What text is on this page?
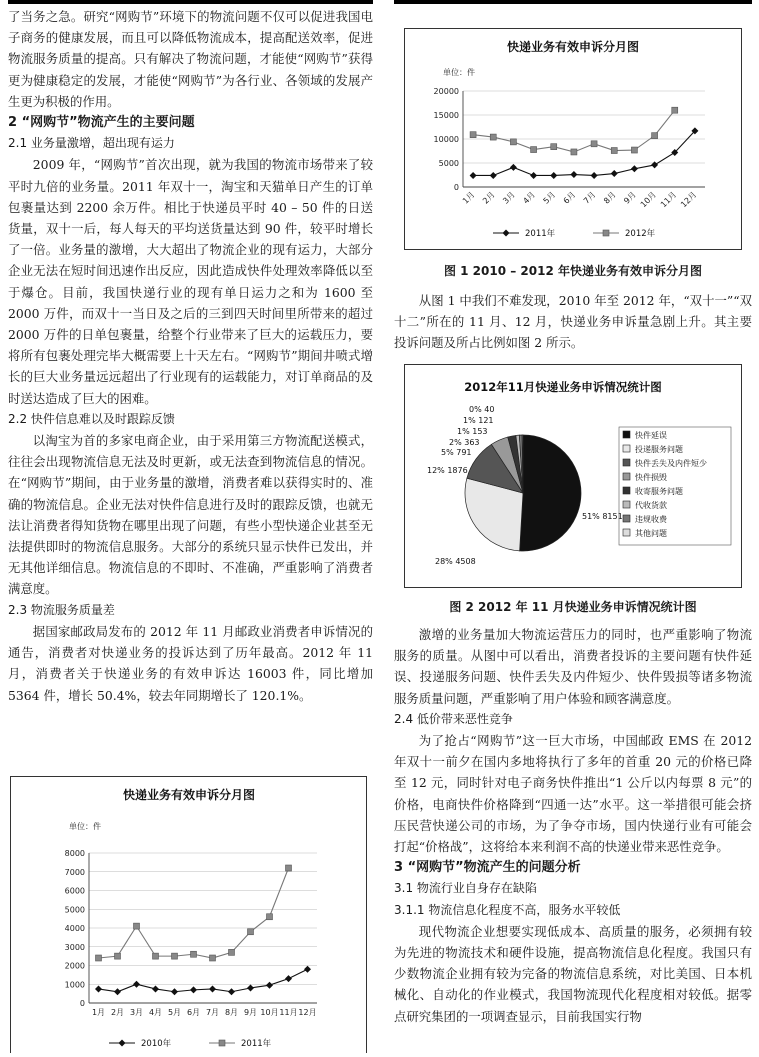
了当务之急。研究“网购节”环境下的物流问题不仅可以促进我国电子商务的健康发展，而且可以降低物流成本，提高配送效率，促进物流服务质量的提高。只有解决了物流问题，才能使“网购节”获得更为健康稳定的发展，才能使“网购节”为各行业、各领域的发展产生更为积极的作用。

2 “网购节”物流产生的主要问题
2.1 业务量激增，超出现有运力

2009 年，“网购节”首次出现，就为我国的物流市场带来了较平时九倍的业务量。2011 年双十一，淘宝和天猫单日产生的订单包裹量达到 2200 余万件。相比于快递员平时 40 – 50 件的日送货量，双十一后，每人每天的平均送货量达到 90 件，较平时增长了一倍。业务量的激增，大大超出了物流企业的现有运力，大部分企业无法在短时间迅速作出反应，因此造成快件处理效率降低以至于爆仓。目前，我国快递行业的现有单日运力之和为 1600 至 2000 万件，而双十一当日及之后的三到四天时间里所带来的超过 2000 万件的日单包裹量，给整个行业带来了巨大的运载压力，要将所有包裹处理完毕大概需要上十天左右。“网购节”期间井喷式增长的巨大业务量远远超出了行业现有的运载能力，对订单商品的及时送达造成了巨大的困难。

2.2 快件信息难以及时跟踪反馈

以淘宝为首的多家电商企业，由于采用第三方物流配送模式，往往会出现物流信息无法及时更新，或无法查到物流信息的情况。在“网购节”期间，由于业务量的激增，消费者难以获得实时的、准确的物流信息。企业无法对快件信息进行及时的跟踪反馈，也就无法让消费者得知货物在哪里出现了问题，有些小型快递企业甚至无法提供即时的物流信息服务。大部分的系统只显示快件已发出，并无其他详细信息。物流信息的不即时、不准确，严重影响了消费者满意度。

2.3 物流服务质量差

据国家邮政局发布的 2012 年 11 月邮政业消费者申诉情况的通告，消费者对快递业务的投诉达到了历年最高。2012 年 11 月，消费者关于快递业务的有效申诉达 16003 件，同比增加 5364 件，增长 50.4%，较去年同期增长了 120.1%。

快递业务有效申诉分月图
单位：件
0
1000
2000
3000
4000
5000
6000
7000
8000
1月 2月 3月 4月 5月 6月 7月 8月 9月 10月 11月 12月
2010年	2011年
快递业务有效申诉分月图
单位：件
0
5000
10000
15000
20000
1月 2月 3月 4月 5月 6月 7月 8月 9月 10月 11月 12月
2011年	2012年
图 1 2010 – 2012 年快递业务有效申诉分月图

从图 1 中我们不难发现，2010 年至 2012 年，“双十一”“双十二”所在的 11 月、12 月，快递业务申诉量急剧上升。其主要投诉问题及所占比例如图 2 所示。

2012年11月快递业务申诉情况统计图
51% 8151
28% 4508
12% 1876
5% 791
2% 363
1% 153
1% 121
0% 40
快件延误
投递服务问题
快件丢失及内件短少
快件损毁
收寄服务问题
代收货款
违规收费
其他问题
图 2 2012 年 11 月快递业务申诉情况统计图

激增的业务量加大物流运营压力的同时，也严重影响了物流服务的质量。从图中可以看出，消费者投诉的主要问题有快件延误、投递服务问题、快件丢失及内件短少、快件毁损等诸多物流服务质量问题，严重影响了用户体验和顾客满意度。

2.4 低价带来恶性竞争

为了抢占“网购节”这一巨大市场，中国邮政 EMS 在 2012 年双十一前夕在国内多地将执行了多年的首重 20 元的价格已降至 12 元，同时针对电子商务快件推出“1 公斤以内每票 8 元”的价格，电商快件价格降到“四通一达”水平。这一举措很可能会挤压民营快递公司的市场，为了争夺市场，国内快递行业有可能会打起“价格战”，这将给本来利润不高的快递业带来恶性竞争。

3 “网购节”物流产生的问题分析
3.1 物流行业自身存在缺陷
3.1.1 物流信息化程度不高，服务水平较低

现代物流企业想要实现低成本、高质量的服务，必须拥有较为先进的物流技术和硬件设施，提高物流信息化程度。我国只有少数物流企业拥有较为完备的物流信息系统，对比美国、日本机械化、自动化的作业模式，我国物流现代化程度相对较低。据零点研究集团的一项调查显示，目前我国实行物
